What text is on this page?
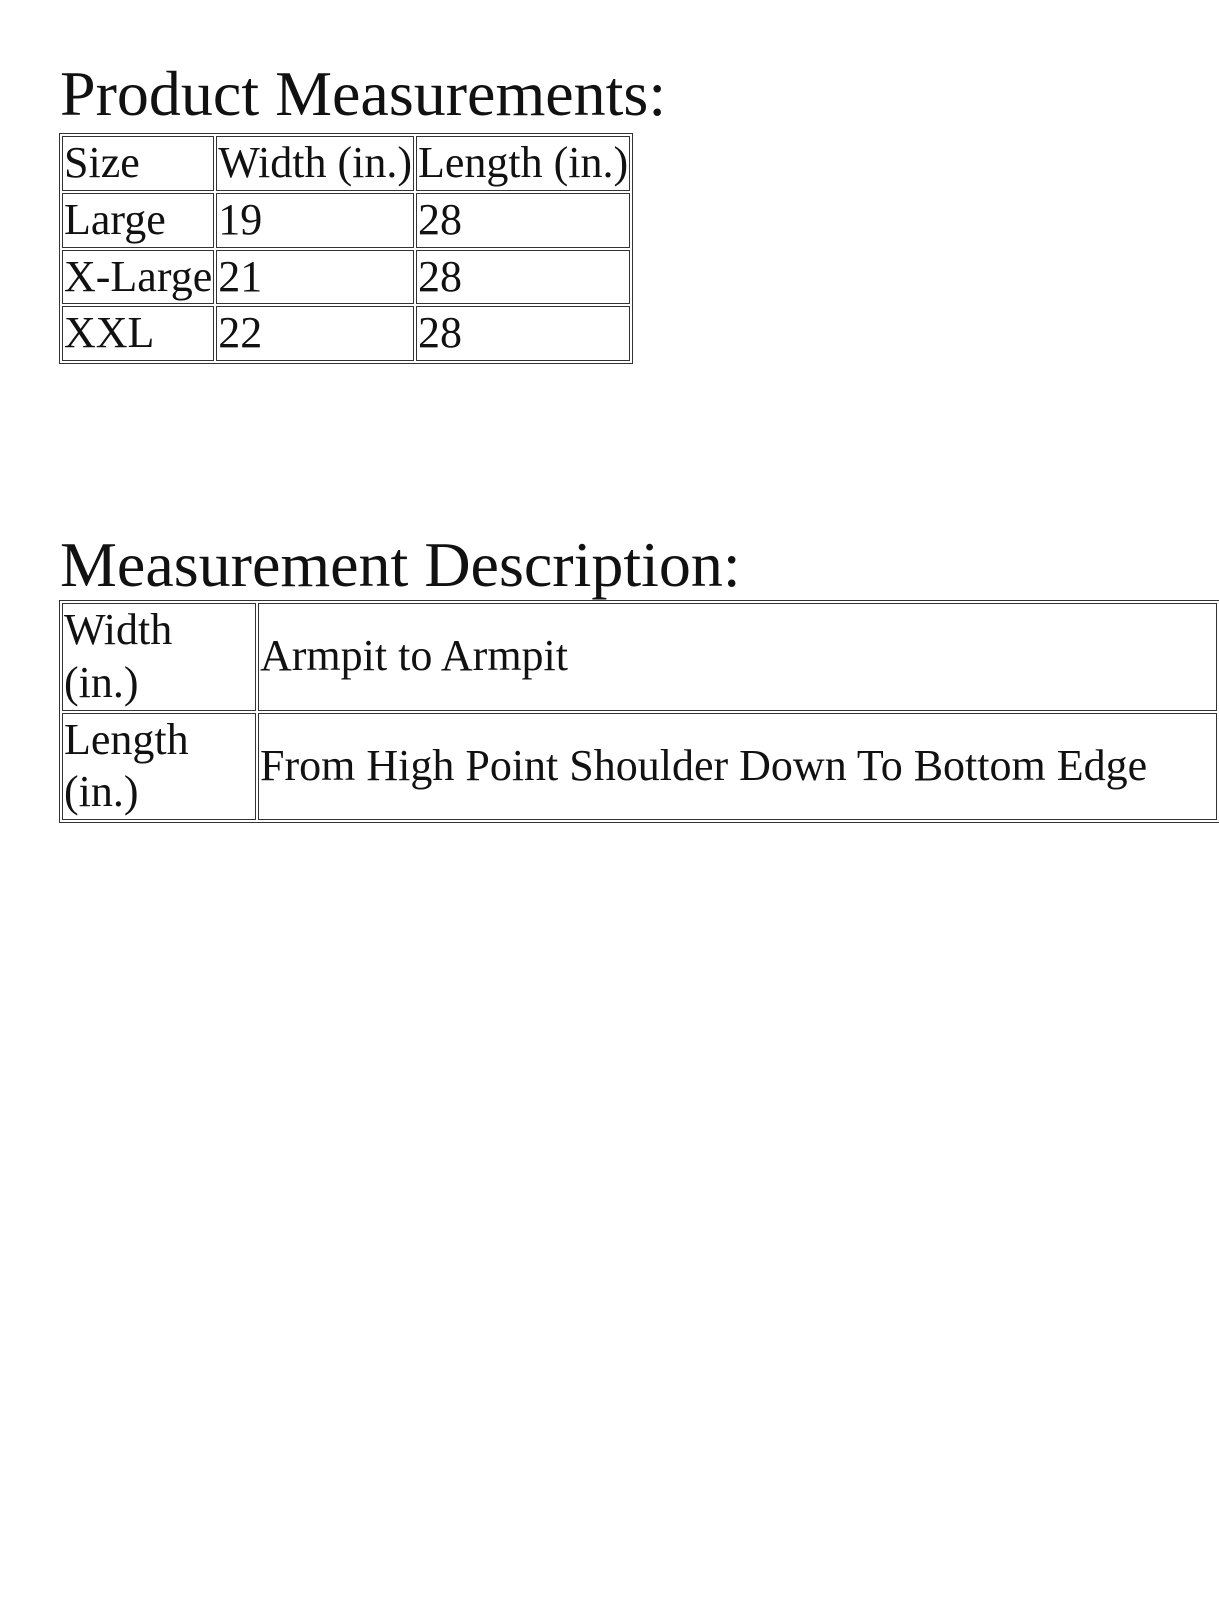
Product Measurements:
Size	Width (in.)	Length (in.)
Large	19	28
X-Large	21	28
XXL	22	28
Measurement Description:
Width (in.)	Armpit to Armpit
Length (in.)	From High Point Shoulder Down To Bottom Edge
